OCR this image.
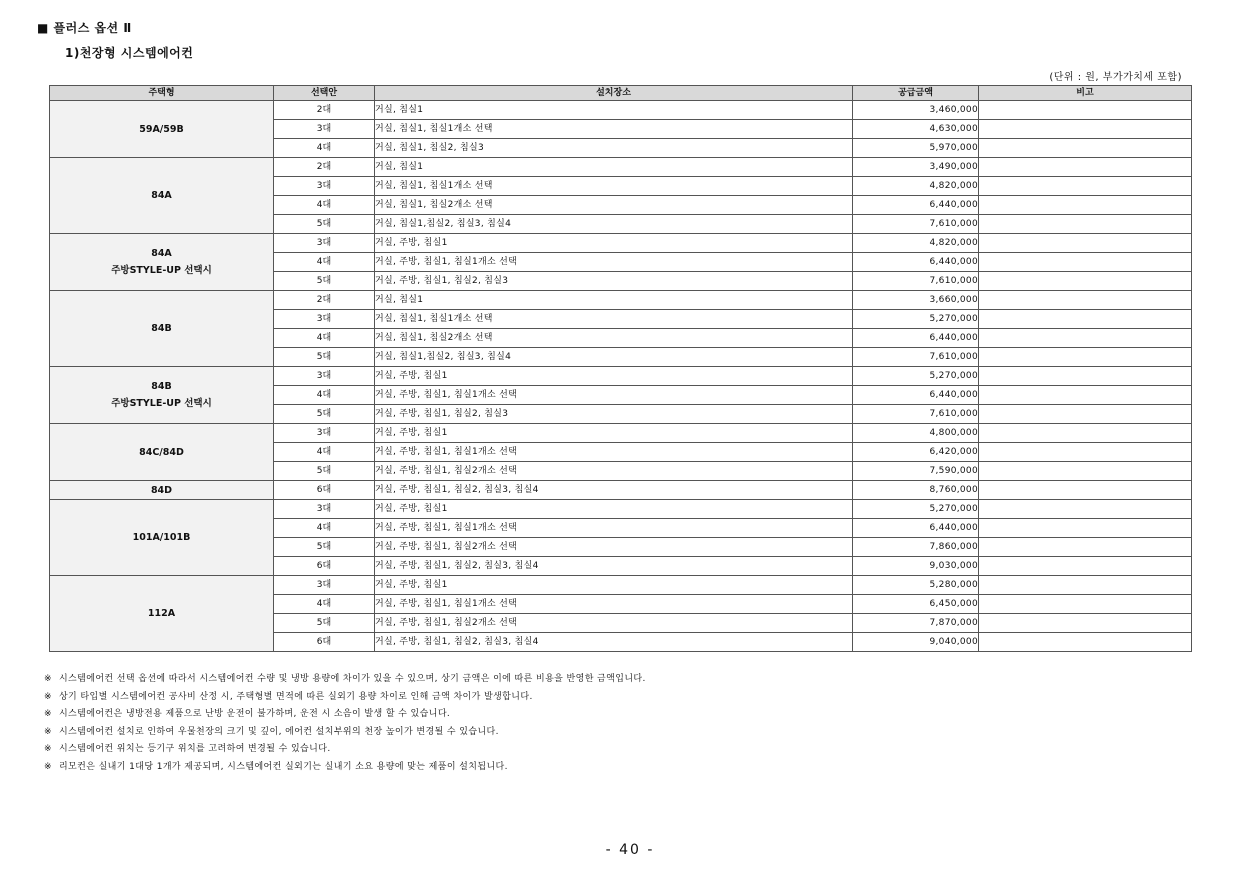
■ 플러스 옵션 Ⅱ
1)천장형 시스템에어컨
(단위 : 원, 부가가치세 포함)
주택형	선택안	설치장소	공급금액	비고

59A/59B	2대	거실, 침실1	3,460,000	
	3대	거실, 침실1, 침실1개소 선택	4,630,000	
	4대	거실, 침실1, 침실2, 침실3	5,970,000	

84A	2대	거실, 침실1	3,490,000	
	3대	거실, 침실1, 침실1개소 선택	4,820,000	
	4대	거실, 침실1, 침실2개소 선택	6,440,000	
	5대	거실, 침실1,침실2, 침실3, 침실4	7,610,000	

84A
주방STYLE-UP 선택시	3대	거실, 주방, 침실1	4,820,000	
	4대	거실, 주방, 침실1, 침실1개소 선택	6,440,000	
	5대	거실, 주방, 침실1, 침실2, 침실3	7,610,000	

84B	2대	거실, 침실1	3,660,000	
	3대	거실, 침실1, 침실1개소 선택	5,270,000	
	4대	거실, 침실1, 침실2개소 선택	6,440,000	
	5대	거실, 침실1,침실2, 침실3, 침실4	7,610,000	

84B
주방STYLE-UP 선택시	3대	거실, 주방, 침실1	5,270,000	
	4대	거실, 주방, 침실1, 침실1개소 선택	6,440,000	
	5대	거실, 주방, 침실1, 침실2, 침실3	7,610,000	

84C/84D	3대	거실, 주방, 침실1	4,800,000	
	4대	거실, 주방, 침실1, 침실1개소 선택	6,420,000	
	5대	거실, 주방, 침실1, 침실2개소 선택	7,590,000	

84D	6대	거실, 주방, 침실1, 침실2, 침실3, 침실4	8,760,000	

101A/101B	3대	거실, 주방, 침실1	5,270,000	
	4대	거실, 주방, 침실1, 침실1개소 선택	6,440,000	
	5대	거실, 주방, 침실1, 침실2개소 선택	7,860,000	
	6대	거실, 주방, 침실1, 침실2, 침실3, 침실4	9,030,000	

112A	3대	거실, 주방, 침실1	5,280,000	
	4대	거실, 주방, 침실1, 침실1개소 선택	6,450,000	
	5대	거실, 주방, 침실1, 침실2개소 선택	7,870,000	
	6대	거실, 주방, 침실1, 침실2, 침실3, 침실4	9,040,000	
※ 시스템에어컨 선택 옵션에 따라서 시스템에어컨 수량 및 냉방 용량에 차이가 있을 수 있으며, 상기 금액은 이에 따른 비용을 반영한 금액입니다.
※ 상기 타입별 시스템에어컨 공사비 산정 시, 주택형별 면적에 따른 실외기 용량 차이로 인해 금액 차이가 발생합니다.
※ 시스템에어컨은 냉방전용 제품으로 난방 운전이 불가하며, 운전 시 소음이 발생 할 수 있습니다.
※ 시스템에어컨 설치로 인하여 우물천장의 크기 및 깊이, 에어컨 설치부위의 천장 높이가 변경될 수 있습니다.
※ 시스템에어컨 위치는 등기구 위치를 고려하여 변경될 수 있습니다.
※ 리모컨은 실내기 1대당 1개가 제공되며, 시스템에어컨 실외기는 실내기 소요 용량에 맞는 제품이 설치됩니다.
- 40 -
